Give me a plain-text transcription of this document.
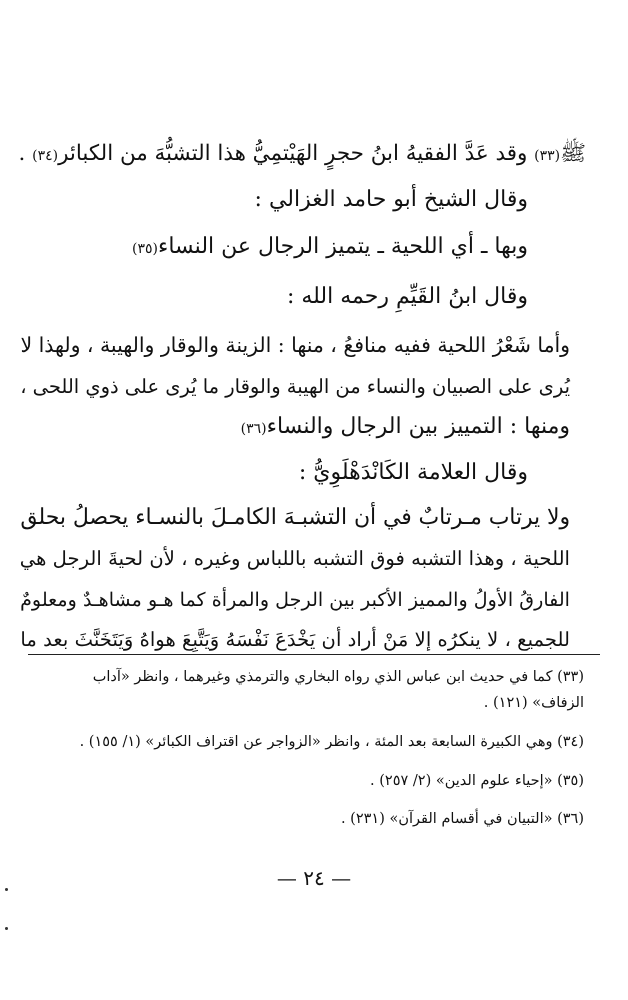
ﷺ(٣٣) وقد عَدَّ الفقيهُ ابنُ حجرٍ الهَيْتمِيُّ هذا التشبُّهَ من الكبائر(٣٤) .
وقال الشيخ أبو حامد الغزالي :
وبها ـ أي اللحية ـ يتميز الرجال عن النساء(٣٥)
وقال ابنُ القَيِّمِ رحمه الله :
وأما شَعْرُ اللحية ففيه منافعُ ، منها : الزينة والوقار والهيبة ، ولهذا لا
يُرى على الصبيان والنساء من الهيبة والوقار ما يُرى على ذوي اللحى ،
ومنها : التمييز بين الرجال والنساء(٣٦)
وقال العلامة الكَانْدَهْلَوِيُّ :
ولا يرتاب مـرتابٌ في أن التشبـهَ الكامـلَ بالنسـاء يحصلُ بحلق
اللحية ، وهذا التشبه فوق التشبه باللباس وغيره ، لأن لحيةَ الرجل هي
الفارقُ الأولُ والمميز الأكبر بين الرجل والمرأة كما هـو مشاهـدٌ ومعلومٌ
للجميع ، لا ينكرُه إلا مَنْ أراد أن يَخْدَعَ نَفْسَهُ وَيَتَّبِعَ هواهُ وَيَتَخَنَّثَ بعد ما
(٣٣) كما في حديث ابن عباس الذي رواه البخاري والترمذي وغيرهما ، وانظر «آداب
الزفاف» (١٢١) .
(٣٤) وهي الكبيرة السابعة بعد المئة ، وانظر «الزواجر عن اقتراف الكبائر» (١/ ١٥٥) .
(٣٥) «إحياء علوم الدين» (٢/ ٢٥٧) .
(٣٦) «التبيان في أقسام القرآن» (٢٣١) .
— ٢٤ —
